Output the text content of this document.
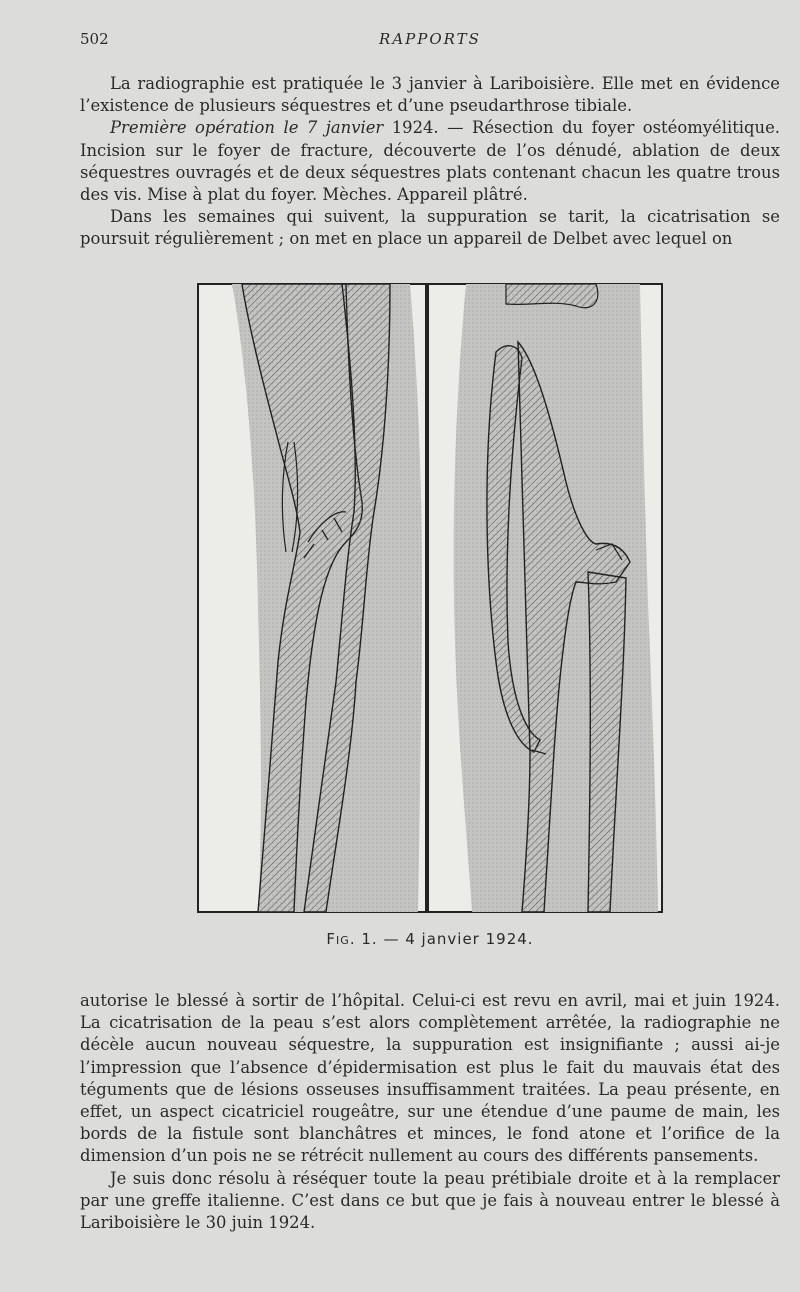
502	RAPPORTS

La radiographie est pratiquée le 3 janvier à Lariboisière. Elle met en évidence l’existence de plusieurs séquestres et d’une pseudarthrose tibiale.

Première opération le 7 janvier 1924. — Résection du foyer ostéomyélitique. Incision sur le foyer de fracture, découverte de l’os dénudé, ablation de deux séquestres ouvragés et de deux séquestres plats contenant chacun les quatre trous des vis. Mise à plat du foyer. Mèches. Appareil plâtré.

Dans les semaines qui suivent, la suppuration se tarit, la cicatrisation se poursuit régulièrement ; on met en place un appareil de Delbet avec lequel on

Fig. 1. — 4 janvier 1924.

autorise le blessé à sortir de l’hôpital. Celui-ci est revu en avril, mai et juin 1924. La cicatrisation de la peau s’est alors complètement arrêtée, la radiographie ne décèle aucun nouveau séquestre, la suppuration est insignifiante ; aussi ai-je l’impression que l’absence d’épidermisation est plus le fait du mauvais état des téguments que de lésions osseuses insuffisamment traitées. La peau présente, en effet, un aspect cicatriciel rougeâtre, sur une étendue d’une paume de main, les bords de la fistule sont blanchâtres et minces, le fond atone et l’orifice de la dimension d’un pois ne se rétrécit nullement au cours des différents pansements.

Je suis donc résolu à réséquer toute la peau prétibiale droite et à la remplacer par une greffe italienne. C’est dans ce but que je fais à nouveau entrer le blessé à Lariboisière le 30 juin 1924.
